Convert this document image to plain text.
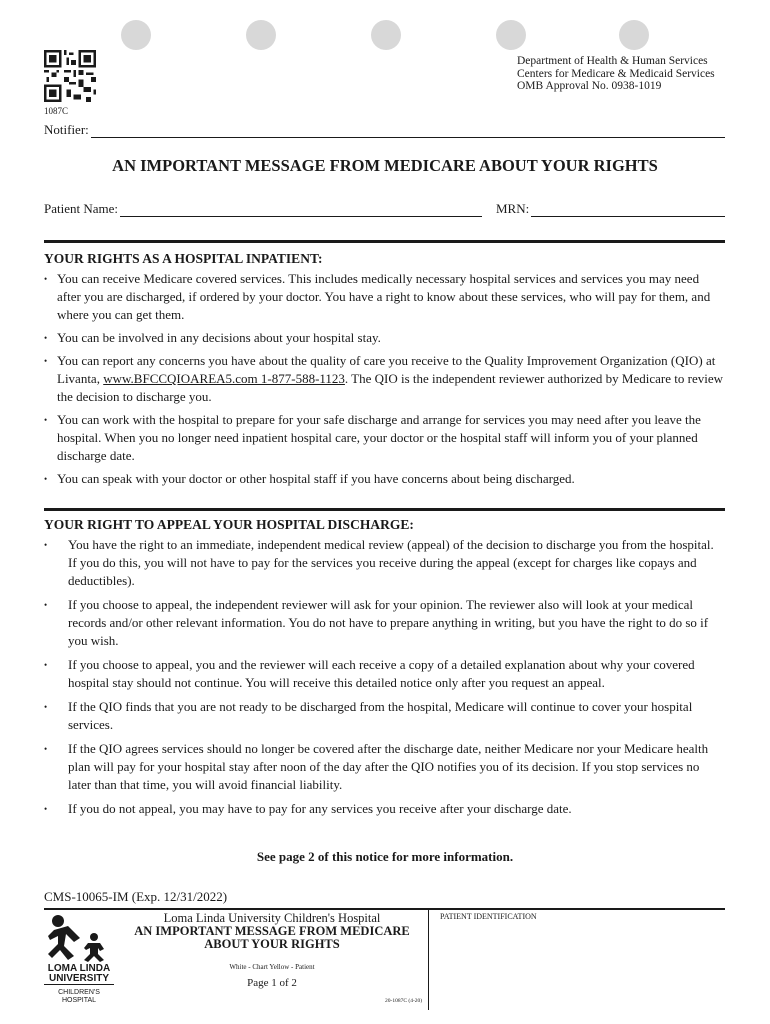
1087C
Department of Health & Human Services
Centers for Medicare & Medicaid Services
OMB Approval No. 0938-1019
Notifier:
AN IMPORTANT MESSAGE FROM MEDICARE ABOUT YOUR RIGHTS
Patient Name:	MRN:
YOUR RIGHTS AS A HOSPITAL INPATIENT:
• You can receive Medicare covered services. This includes medically necessary hospital services and services you may need after you are discharged, if ordered by your doctor. You have a right to know about these services, who will pay for them, and where you can get them.
• You can be involved in any decisions about your hospital stay.
• You can report any concerns you have about the quality of care you receive to the Quality Improvement Organization (QIO) at Livanta, www.BFCCQIOAREA5.com 1-877-588-1123. The QIO is the independent reviewer authorized by Medicare to review the decision to discharge you.
• You can work with the hospital to prepare for your safe discharge and arrange for services you may need after you leave the hospital. When you no longer need inpatient hospital care, your doctor or the hospital staff will inform you of your planned discharge date.
• You can speak with your doctor or other hospital staff if you have concerns about being discharged.
YOUR RIGHT TO APPEAL YOUR HOSPITAL DISCHARGE:
• You have the right to an immediate, independent medical review (appeal) of the decision to discharge you from the hospital. If you do this, you will not have to pay for the services you receive during the appeal (except for charges like copays and deductibles).
• If you choose to appeal, the independent reviewer will ask for your opinion. The reviewer also will look at your medical records and/or other relevant information. You do not have to prepare anything in writing, but you have the right to do so if you wish.
• If you choose to appeal, you and the reviewer will each receive a copy of a detailed explanation about why your covered hospital stay should not continue. You will receive this detailed notice only after you request an appeal.
• If the QIO finds that you are not ready to be discharged from the hospital, Medicare will continue to cover your hospital services.
• If the QIO agrees services should no longer be covered after the discharge date, neither Medicare nor your Medicare health plan will pay for your hospital stay after noon of the day after the QIO notifies you of its decision. If you stop services no later than that time, you will avoid financial liability.
• If you do not appeal, you may have to pay for any services you receive after your discharge date.
See page 2 of this notice for more information.
CMS-10065-IM (Exp. 12/31/2022)
LOMA LINDA
UNIVERSITY
CHILDREN'S
HOSPITAL
Loma Linda University Children's Hospital
AN IMPORTANT MESSAGE FROM MEDICARE
ABOUT YOUR RIGHTS
White - Chart Yellow - Patient
Page 1 of 2
PATIENT IDENTIFICATION
20-1087C (4-20)
